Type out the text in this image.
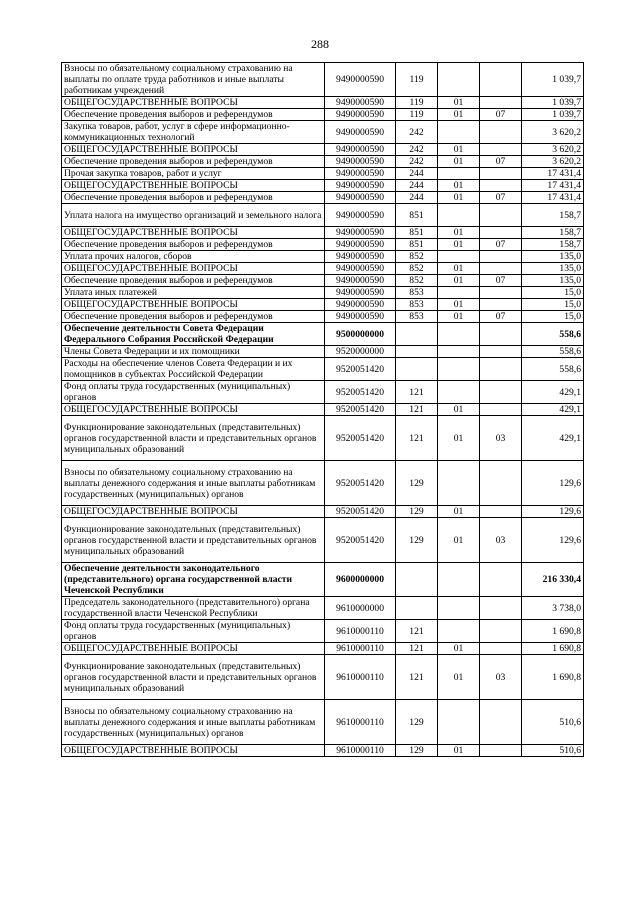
288
Взносы по обязательному социальному страхованию на выплаты по оплате труда работников и иные выплаты работникам учреждений	9490000590	119			1 039,7
ОБЩЕГОСУДАРСТВЕННЫЕ ВОПРОСЫ	9490000590	119	01		1 039,7
Обеспечение проведения выборов и референдумов	9490000590	119	01	07	1 039,7
Закупка товаров, работ, услуг в сфере информационно-коммуникационных технологий	9490000590	242			3 620,2
ОБЩЕГОСУДАРСТВЕННЫЕ ВОПРОСЫ	9490000590	242	01		3 620,2
Обеспечение проведения выборов и референдумов	9490000590	242	01	07	3 620,2
Прочая закупка товаров, работ и услуг	9490000590	244			17 431,4
ОБЩЕГОСУДАРСТВЕННЫЕ ВОПРОСЫ	9490000590	244	01		17 431,4
Обеспечение проведения выборов и референдумов	9490000590	244	01	07	17 431,4
Уплата налога на имущество организаций и земельного налога	9490000590	851			158,7
ОБЩЕГОСУДАРСТВЕННЫЕ ВОПРОСЫ	9490000590	851	01		158,7
Обеспечение проведения выборов и референдумов	9490000590	851	01	07	158,7
Уплата прочих налогов, сборов	9490000590	852			135,0
ОБЩЕГОСУДАРСТВЕННЫЕ ВОПРОСЫ	9490000590	852	01		135,0
Обеспечение проведения выборов и референдумов	9490000590	852	01	07	135,0
Уплата иных платежей	9490000590	853			15,0
ОБЩЕГОСУДАРСТВЕННЫЕ ВОПРОСЫ	9490000590	853	01		15,0
Обеспечение проведения выборов и референдумов	9490000590	853	01	07	15,0
Обеспечение деятельности Совета Федерации Федерального Собрания Российской Федерации	9500000000				558,6
Члены Совета Федерации и их помощники	9520000000				558,6
Расходы на обеспечение членов Совета Федерации и их помощников в субъектах Российской Федерации	9520051420				558,6
Фонд оплаты труда государственных (муниципальных) органов	9520051420	121			429,1
ОБЩЕГОСУДАРСТВЕННЫЕ ВОПРОСЫ	9520051420	121	01		429,1
Функционирование законодательных (представительных) органов государственной власти и представительных органов муниципальных образований	9520051420	121	01	03	429,1
Взносы по обязательному социальному страхованию на выплаты денежного содержания и иные выплаты работникам государственных (муниципальных) органов	9520051420	129			129,6
ОБЩЕГОСУДАРСТВЕННЫЕ ВОПРОСЫ	9520051420	129	01		129,6
Функционирование законодательных (представительных) органов государственной власти и представительных органов муниципальных образований	9520051420	129	01	03	129,6
Обеспечение деятельности законодательного (представительного) органа государственной власти Чеченской Республики	9600000000				216 330,4
Председатель законодательного (представительного) органа государственной власти Чеченской Республики	9610000000				3 738,0
Фонд оплаты труда государственных (муниципальных) органов	9610000110	121			1 690,8
ОБЩЕГОСУДАРСТВЕННЫЕ ВОПРОСЫ	9610000110	121	01		1 690,8
Функционирование законодательных (представительных) органов государственной власти и представительных органов муниципальных образований	9610000110	121	01	03	1 690,8
Взносы по обязательному социальному страхованию на выплаты денежного содержания и иные выплаты работникам государственных (муниципальных) органов	9610000110	129			510,6
ОБЩЕГОСУДАРСТВЕННЫЕ ВОПРОСЫ	9610000110	129	01		510,6
